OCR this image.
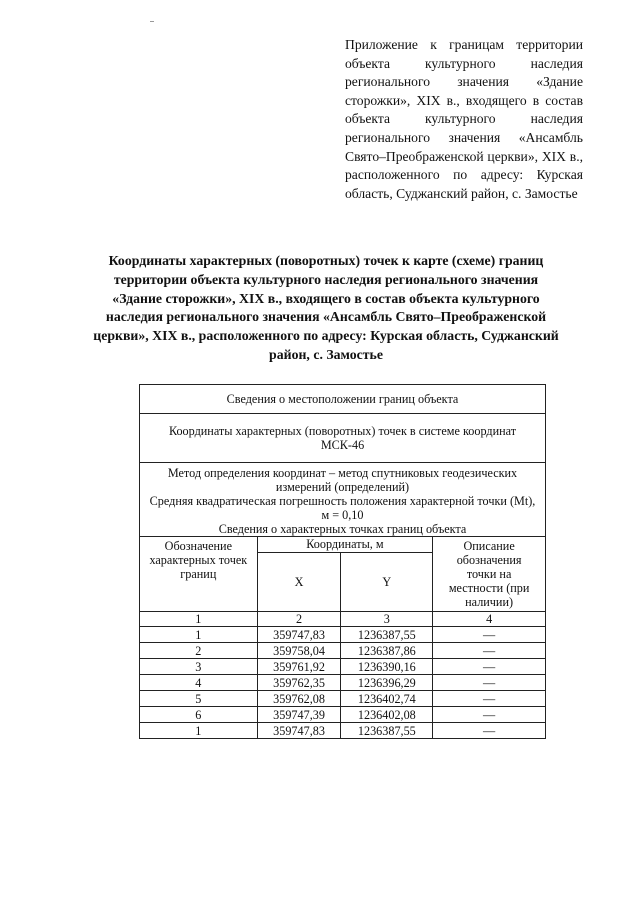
Приложение к границам территории объекта культурного наследия регионального значения «Здание сторожки», XIX в., входящего в состав объекта культурного наследия регионального значения «Ансамбль Свято–Преображенской церкви», XIX в., расположенного по адресу: Курская область, Суджанский район, с. Замостье
Координаты характерных (поворотных) точек к карте (схеме) границ территории объекта культурного наследия регионального значения «Здание сторожки», XIX в., входящего в состав объекта культурного наследия регионального значения «Ансамбль Свято–Преображенской церкви», XIX в., расположенного по адресу: Курская область, Суджанский район, с. Замостье
Сведения о местоположении границ объекта			
Координаты характерных (поворотных) точек в системе координат МСК-46			

Метод определения координат – метод спутниковых геодезических измерений (определений)
Средняя квадратическая погрешность положения характерной точки (Mt), м = 0,10
Сведения о характерных точках границ объекта			

Обозначение характерных точек границ	Координаты, м		Описание обозначения точки на местности (при наличии)
	X	Y	
1	2	3	4
1	359747,83	1236387,55	—
2	359758,04	1236387,86	—
3	359761,92	1236390,16	—
4	359762,35	1236396,29	—
5	359762,08	1236402,74	—
6	359747,39	1236402,08	—
1	359747,83	1236387,55	—
